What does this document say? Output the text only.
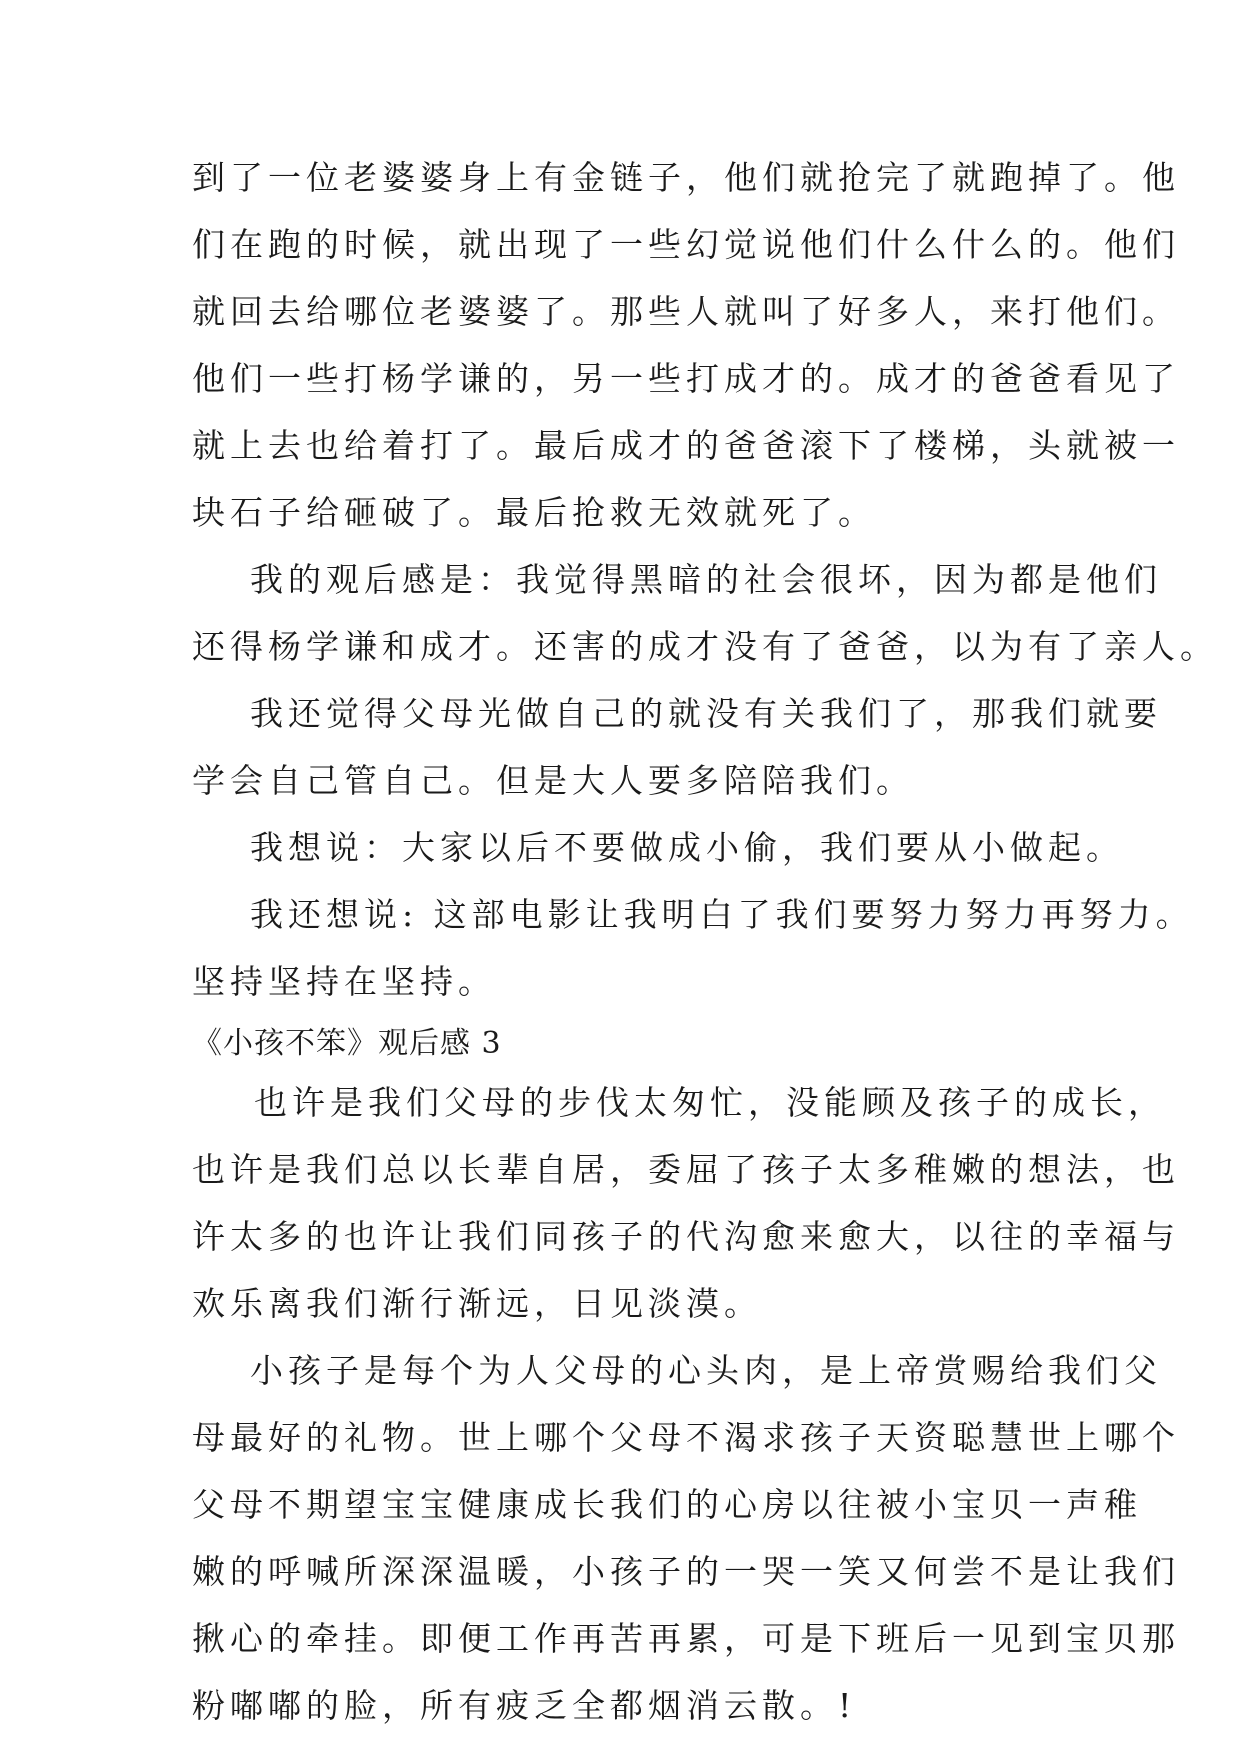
到了一位老婆婆身上有金链子，他们就抢完了就跑掉了。他
们在跑的时候，就出现了一些幻觉说他们什么什么的。他们
就回去给哪位老婆婆了。那些人就叫了好多人，来打他们。
他们一些打杨学谦的，另一些打成才的。成才的爸爸看见了
就上去也给着打了。最后成才的爸爸滚下了楼梯，头就被一
块石子给砸破了。最后抢救无效就死了。
我的观后感是：我觉得黑暗的社会很坏，因为都是他们
还得杨学谦和成才。还害的成才没有了爸爸，以为有了亲人。
我还觉得父母光做自己的就没有关我们了，那我们就要
学会自己管自己。但是大人要多陪陪我们。
我想说：大家以后不要做成小偷，我们要从小做起。
我还想说: 这部电影让我明白了我们要努力努力再努力。
坚持坚持在坚持。
《小孩不笨》观后感 3
也许是我们父母的步伐太匆忙，没能顾及孩子的成长，
也许是我们总以长辈自居，委屈了孩子太多稚嫩的想法，也
许太多的也许让我们同孩子的代沟愈来愈大，以往的幸福与
欢乐离我们渐行渐远，日见淡漠。
小孩子是每个为人父母的心头肉，是上帝赏赐给我们父
母最好的礼物。世上哪个父母不渴求孩子天资聪慧世上哪个
父母不期望宝宝健康成长我们的心房以往被小宝贝一声稚
嫩的呼喊所深深温暖，小孩子的一哭一笑又何尝不是让我们
揪心的牵挂。即便工作再苦再累，可是下班后一见到宝贝那
粉嘟嘟的脸，所有疲乏全都烟消云散。!
